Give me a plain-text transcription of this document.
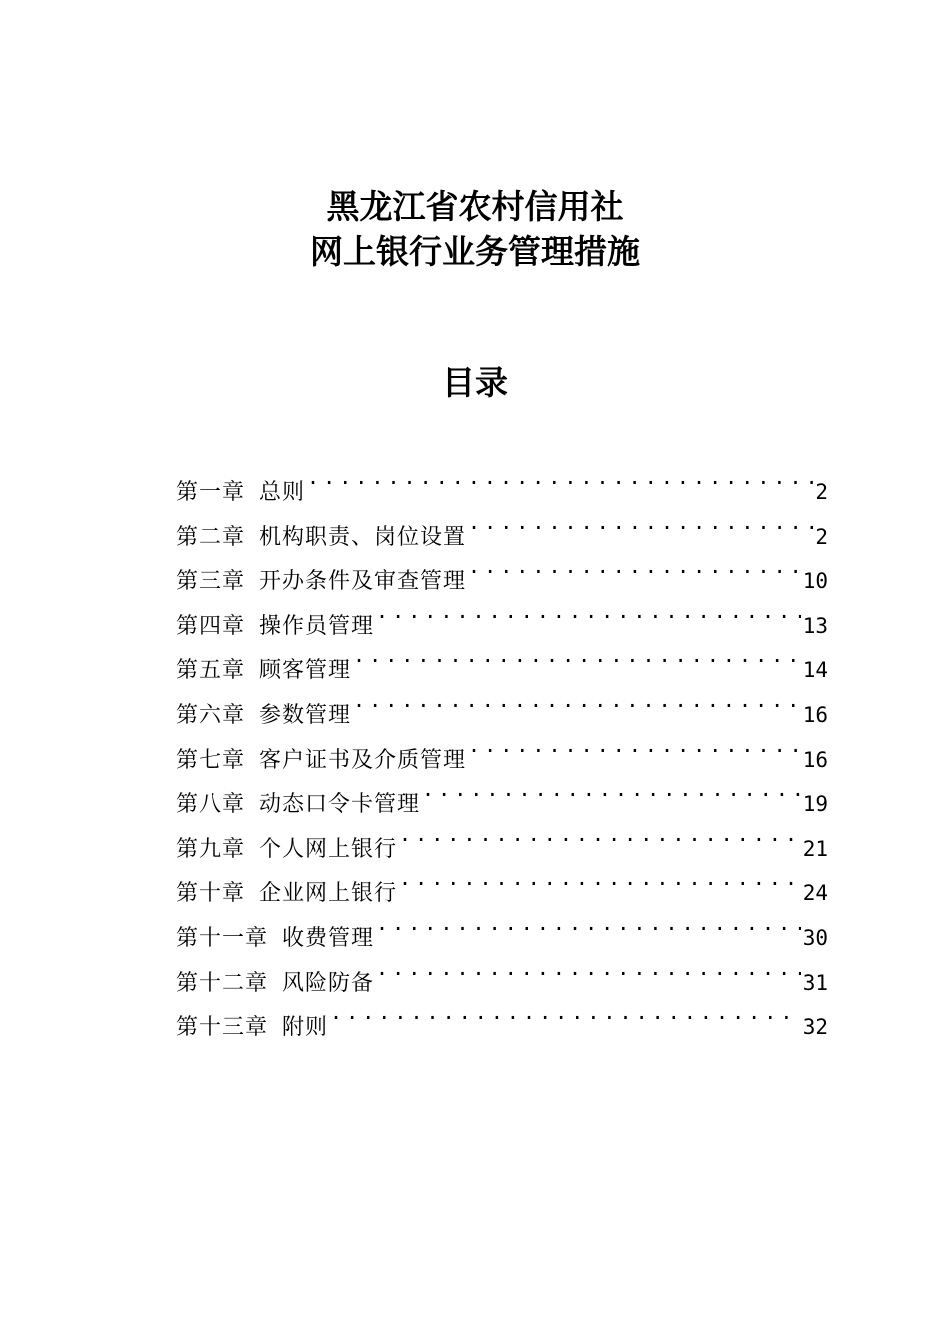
黑龙江省农村信用社
网上银行业务管理措施
目录
第一章 总则 . . .	2
第二章 机构职责、岗位设置 . . .	2
第三章 开办条件及审查管理 . . .	10
第四章 操作员管理 . . .	13
第五章 顾客管理 . . .	14
第六章 参数管理 . . .	16
第七章 客户证书及介质管理 . . .	16
第八章 动态口令卡管理 . . .	19
第九章 个人网上银行 . . .	21
第十章 企业网上银行 . . .	24
第十一章 收费管理 . . .	30
第十二章 风险防备 . . .	31
第十三章 附则 . . .	32
